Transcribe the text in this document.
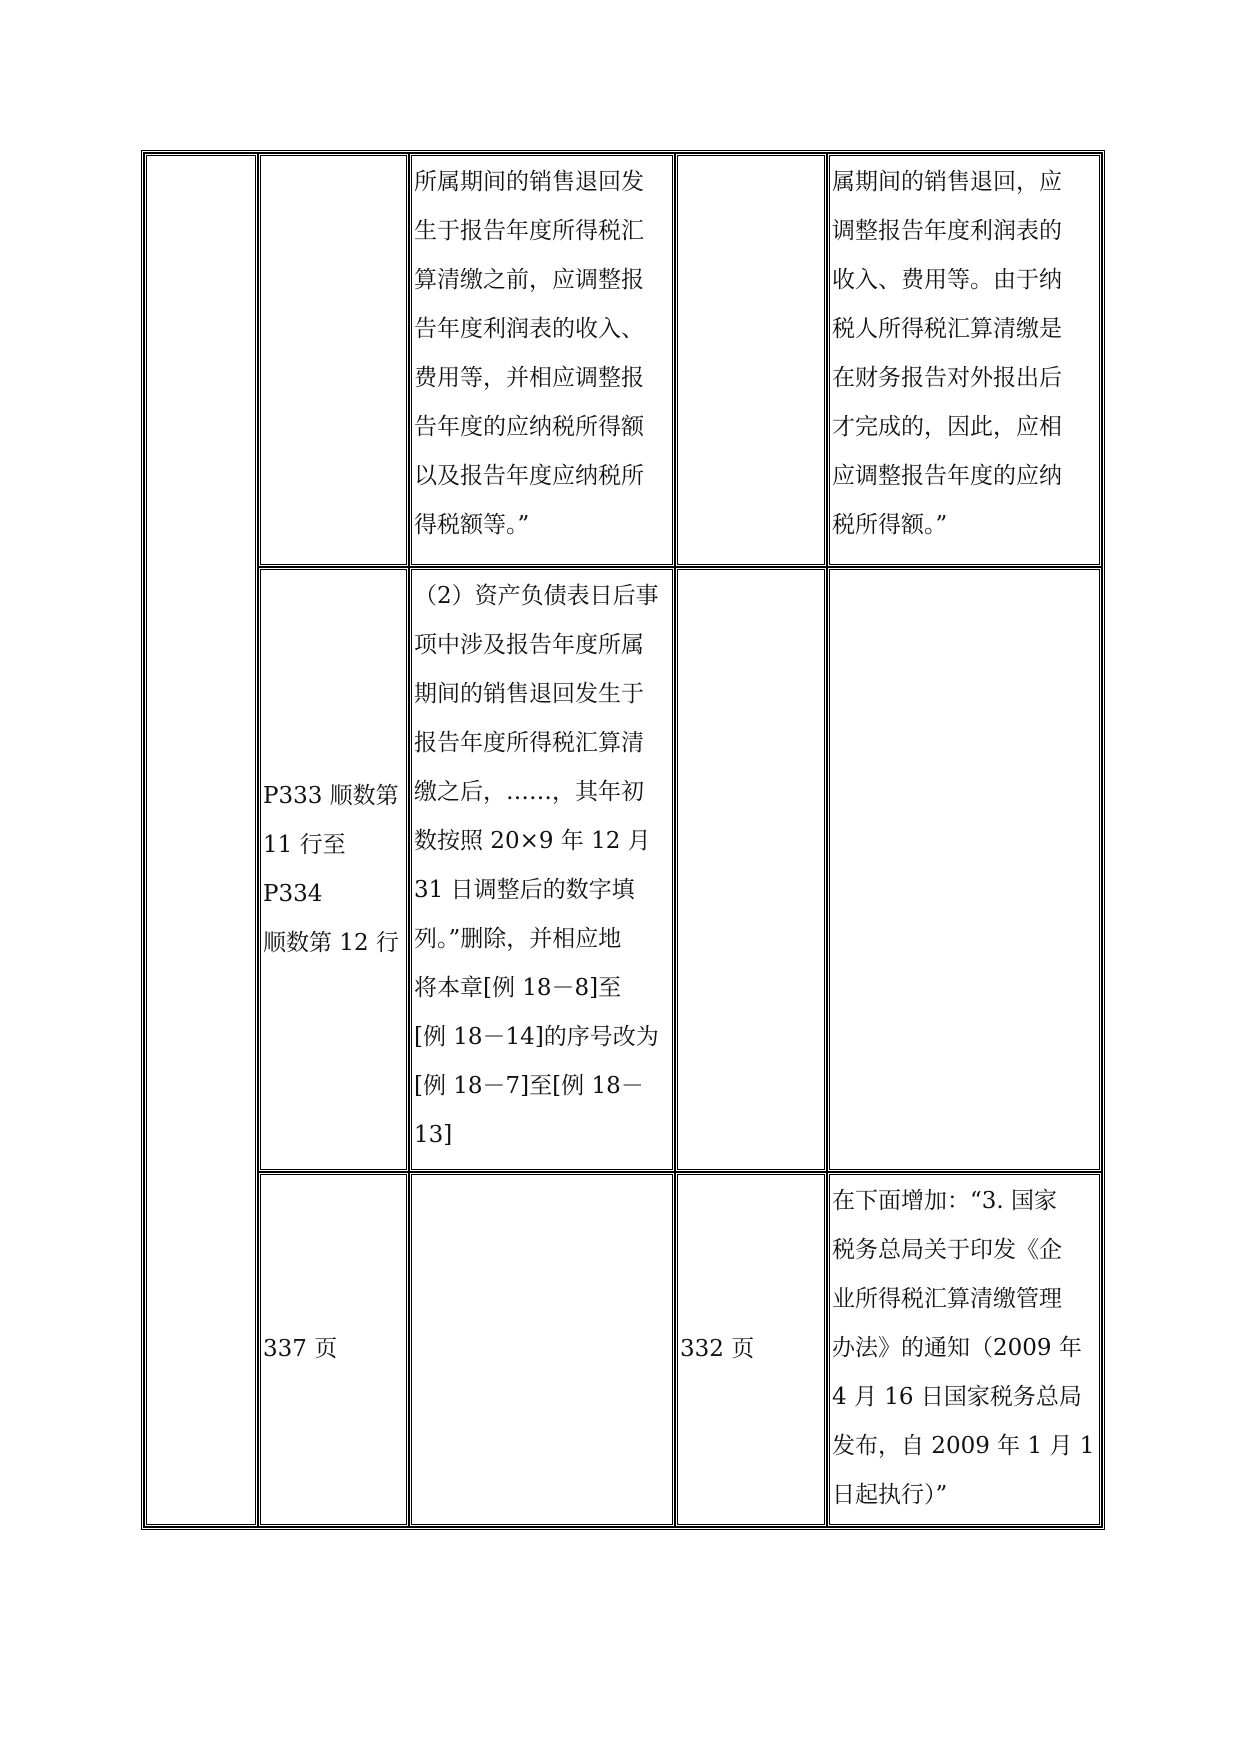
所属期间的销售退回发
生于报告年度所得税汇
算清缴之前，应调整报
告年度利润表的收入、
费用等，并相应调整报
告年度的应纳税所得额
以及报告年度应纳税所
得税额等。”
属期间的销售退回，应
调整报告年度利润表的
收入、费用等。由于纳
税人所得税汇算清缴是
在财务报告对外报出后
才完成的，因此，应相
应调整报告年度的应纳
税所得额。”
P333 顺数第
11 行至 P334
顺数第 12 行
（2）资产负债表日后事
项中涉及报告年度所属
期间的销售退回发生于
报告年度所得税汇算清
缴之后，……，其年初
数按照 20×9 年 12 月
31 日调整后的数字填
列。”删除，并相应地
将本章[例 18－8]至
[例 18－14]的序号改为
[例 18－7]至[例 18－
13]
337 页	332 页
在下面增加：“3. 国家
税务总局关于印发《企
业所得税汇算清缴管理
办法》的通知（2009 年
4 月 16 日国家税务总局
发布，自 2009 年 1 月 1
日起执行）”
